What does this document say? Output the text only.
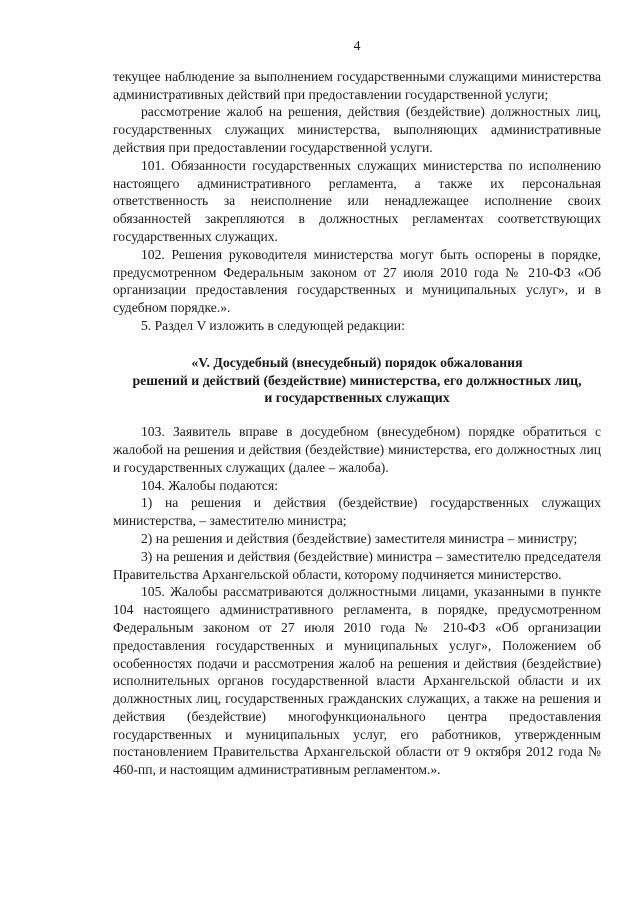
4

текущее наблюдение за выполнением государственными служащими министерства административных действий при предоставлении государственной услуги;

рассмотрение жалоб на решения, действия (бездействие) должностных лиц, государственных служащих министерства, выполняющих административные действия при предоставлении государственной услуги.

101. Обязанности государственных служащих министерства по исполнению настоящего административного регламента, а также их персональная ответственность за неисполнение или ненадлежащее исполнение своих обязанностей закрепляются в должностных регламентах соответствующих государственных служащих.

102. Решения руководителя министерства могут быть оспорены в порядке, предусмотренном Федеральным законом от 27 июля 2010 года № 210-ФЗ «Об организации предоставления государственных и муниципальных услуг», и в судебном порядке.».

5. Раздел V изложить в следующей редакции:

«V. Досудебный (внесудебный) порядок обжалования
решений и действий (бездействие) министерства, его должностных лиц,
и государственных служащих

103. Заявитель вправе в досудебном (внесудебном) порядке обратиться с жалобой на решения и действия (бездействие) министерства, его должностных лиц и государственных служащих (далее – жалоба).

104. Жалобы подаются:

1) на решения и действия (бездействие) государственных служащих министерства, – заместителю министра;

2) на решения и действия (бездействие) заместителя министра – министру;

3) на решения и действия (бездействие) министра – заместителю председателя Правительства Архангельской области, которому подчиняется министерство.

105. Жалобы рассматриваются должностными лицами, указанными в пункте 104 настоящего административного регламента, в порядке, предусмотренном Федеральным законом от 27 июля 2010 года № 210-ФЗ «Об организации предоставления государственных и муниципальных услуг», Положением об особенностях подачи и рассмотрения жалоб на решения и действия (бездействие) исполнительных органов государственной власти Архангельской области и их должностных лиц, государственных гражданских служащих, а также на решения и действия (бездействие) многофункционального центра предоставления государственных и муниципальных услуг, его работников, утвержденным постановлением Правительства Архангельской области от 9 октября 2012 года № 460-пп, и настоящим административным регламентом.».
